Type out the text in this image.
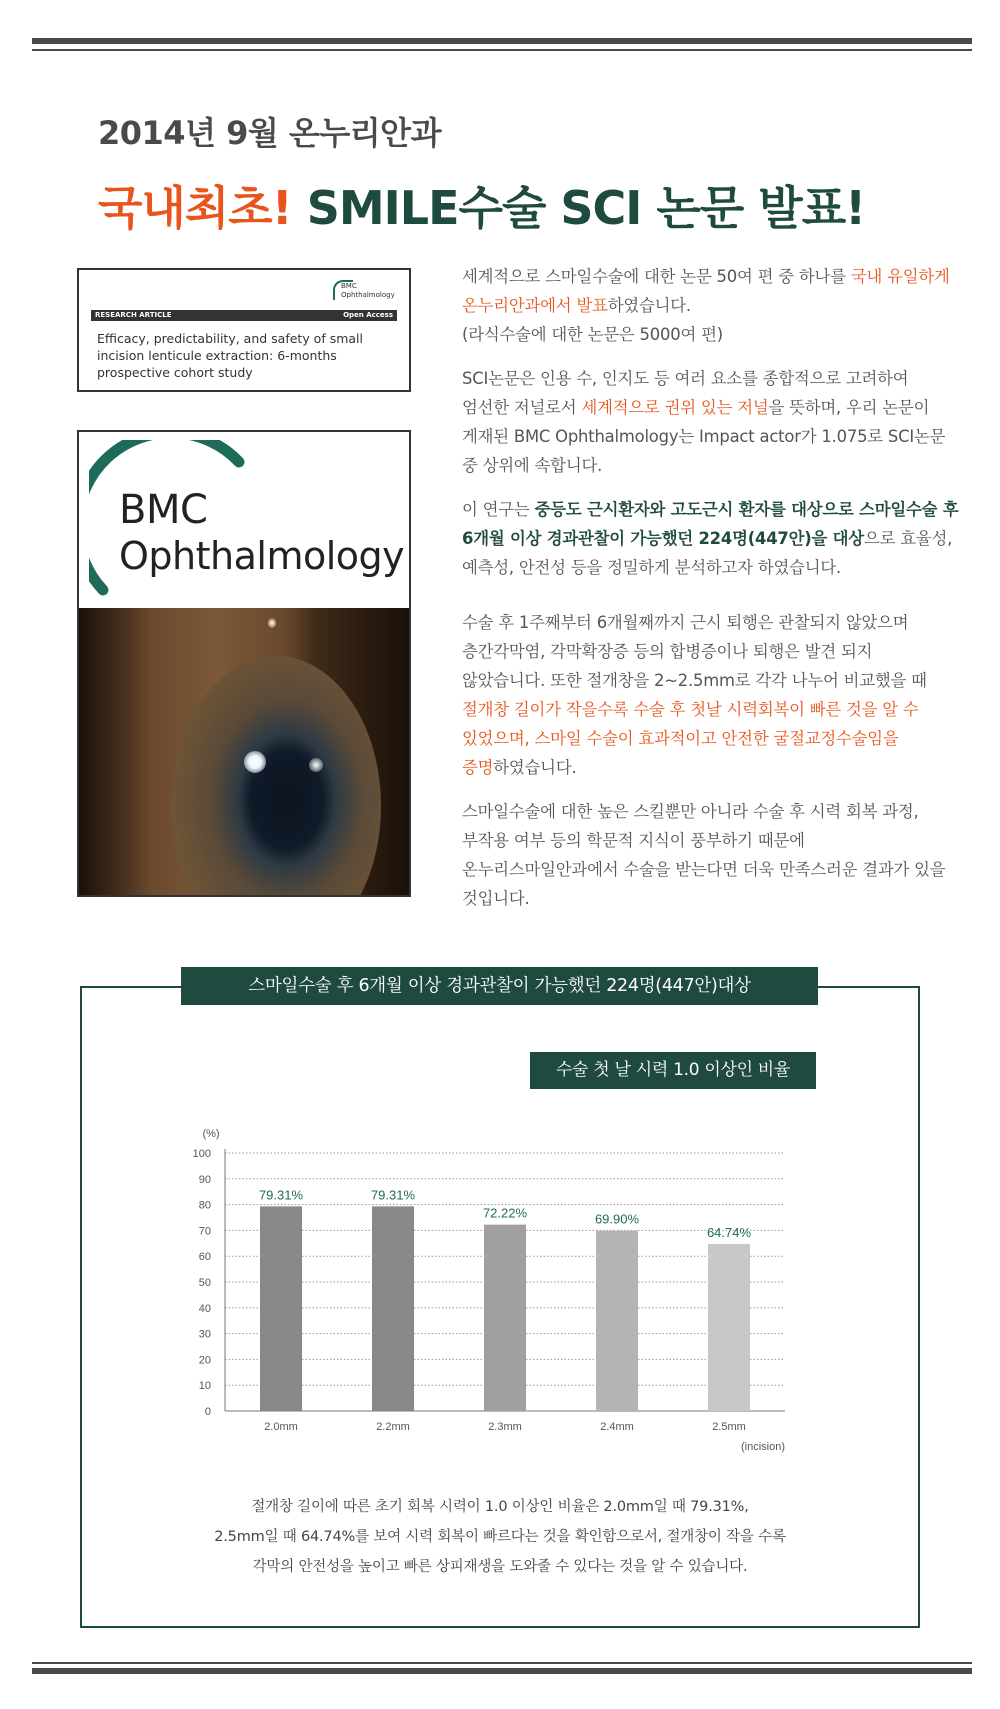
2014년 9월 온누리안과
국내최초! SMILE수술 SCI 논문 발표!
BMC
Ophthalmology
RESEARCH ARTICLE	Open Access
Efficacy, predictability, and safety of small incision lenticule extraction: 6-months prospective cohort study
BMC
Ophthalmology

세계적으로 스마일수술에 대한 논문 50여 편 중 하나를 국내 유일하게 온누리안과에서 발표하였습니다.
(라식수술에 대한 논문은 5000여 편)

SCI논문은 인용 수, 인지도 등 여러 요소를 종합적으로 고려하여 엄선한 저널로서 세계적으로 권위 있는 저널을 뜻하며, 우리 논문이 게재된 BMC Ophthalmology는 Impact actor가 1.075로 SCI논문 중 상위에 속합니다.

이 연구는 중등도 근시환자와 고도근시 환자를 대상으로 스마일수술 후 6개월 이상 경과관찰이 가능했던 224명(447안)을 대상으로 효율성, 예측성, 안전성 등을 정밀하게 분석하고자 하였습니다.

수술 후 1주째부터 6개월째까지 근시 퇴행은 관찰되지 않았으며 층간각막염, 각막확장증 등의 합병증이나 퇴행은 발견 되지 않았습니다. 또한 절개창을 2~2.5mm로 각각 나누어 비교했을 때 절개창 길이가 작을수록 수술 후 첫날 시력회복이 빠른 것을 알 수 있었으며, 스마일 수술이 효과적이고 안전한 굴절교정수술임을 증명하였습니다.

스마일수술에 대한 높은 스킬뿐만 아니라 수술 후 시력 회복 과정, 부작용 여부 등의 학문적 지식이 풍부하기 때문에 온누리스마일안과에서 수술을 받는다면 더욱 만족스러운 결과가 있을 것입니다.

스마일수술 후 6개월 이상 경과관찰이 가능했던 224명(447안)대상
수술 첫 날 시력 1.0 이상인 비율
(%)
0
10
20
30
40
50
60
70
80
90
100
79.31%
2.0mm
79.31%
2.2mm
72.22%
2.3mm
69.90%
2.4mm
64.74%
2.5mm
(incision)
절개창 길이에 따른 초기 회복 시력이 1.0 이상인 비율은 2.0mm일 때 79.31%,
2.5mm일 때 64.74%를 보여 시력 회복이 빠르다는 것을 확인함으로서, 절개창이 작을 수록
각막의 안전성을 높이고 빠른 상피재생을 도와줄 수 있다는 것을 알 수 있습니다.
